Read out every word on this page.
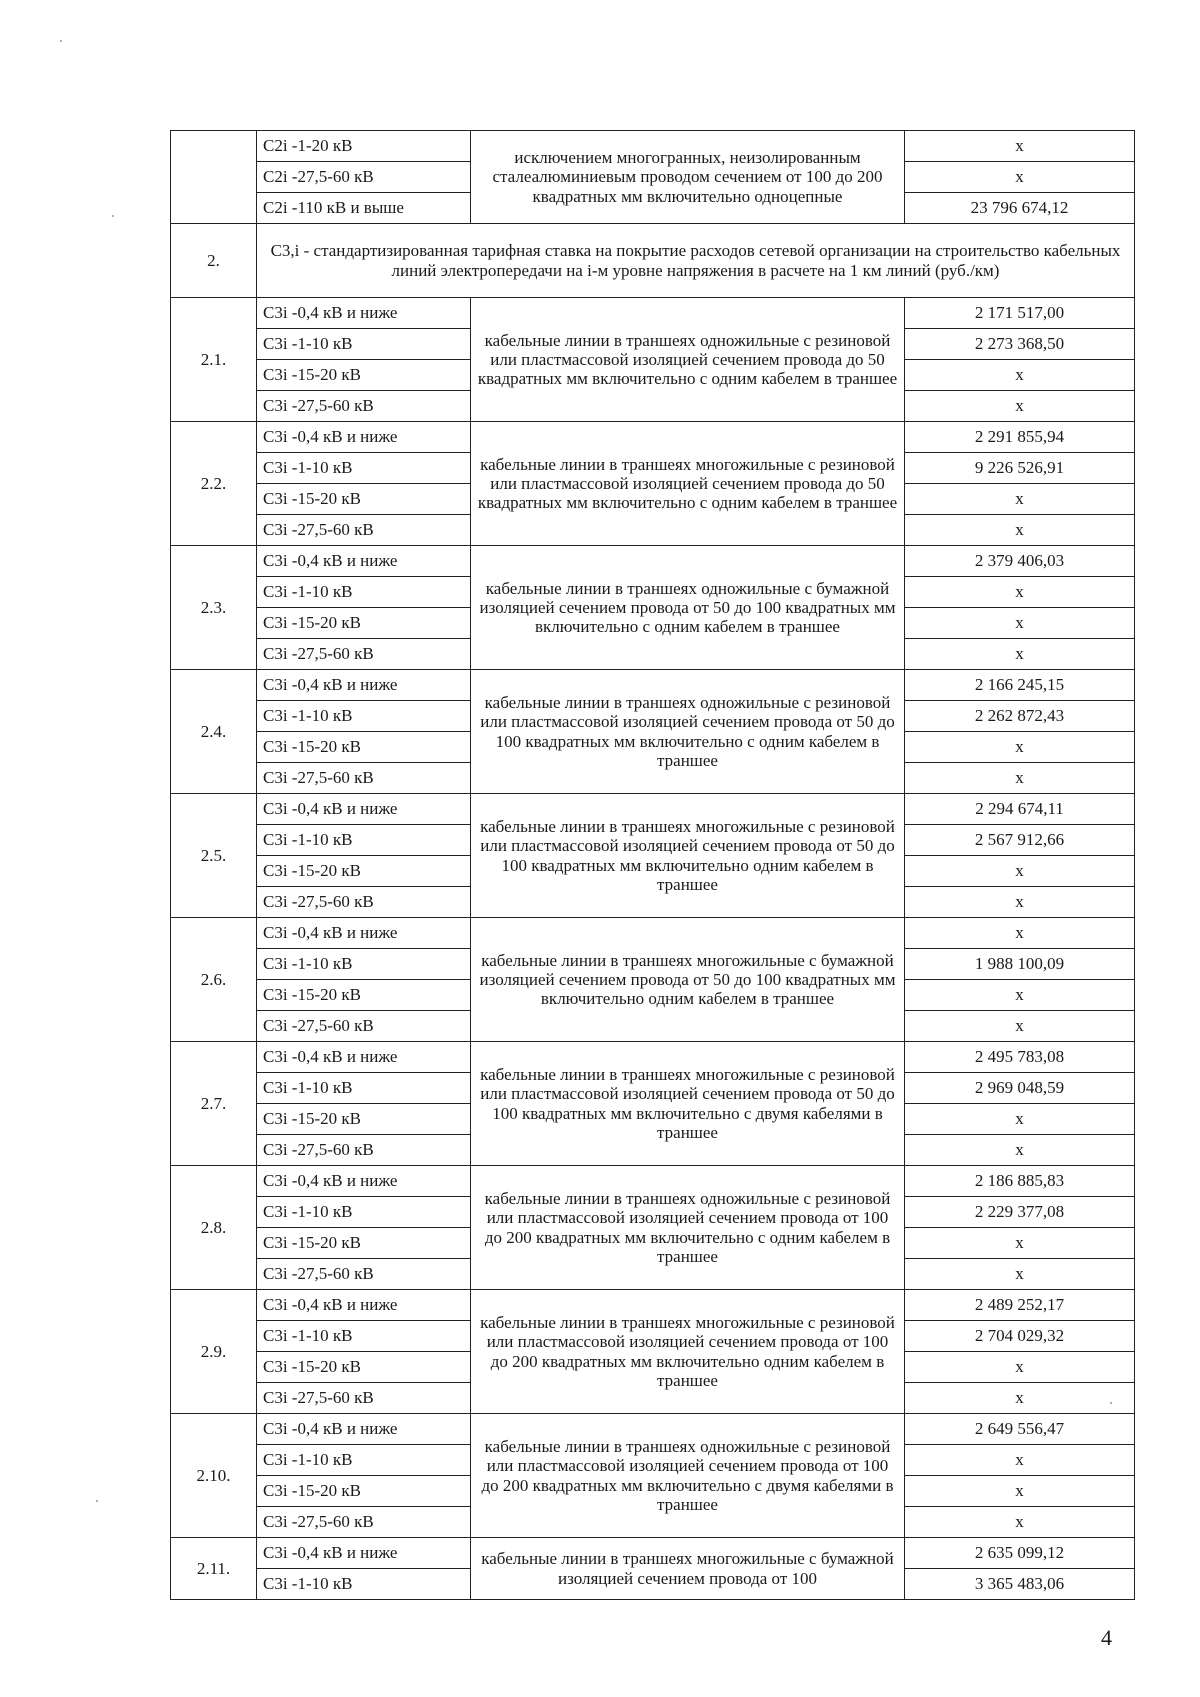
	C2i -1-20 кВ	исключением многогранных, неизолированным сталеалюминиевым проводом сечением от 100 до 200 квадратных мм включительно одноцепные	x
	C2i -27,5-60 кВ		x
	C2i -110 кВ и выше		23 796 674,12
2.	C3,i - стандартизированная тарифная ставка на покрытие расходов сетевой организации на строительство кабельных линий электропередачи на i-м уровне напряжения в расчете на 1 км линий (руб./км)		
2.1.	C3i -0,4 кВ и ниже	кабельные линии в траншеях одножильные с резиновой или пластмассовой изоляцией сечением провода до 50 квадратных мм включительно с одним кабелем в траншее	2 171 517,00
	C3i -1-10 кВ		2 273 368,50
	C3i -15-20 кВ		x
	C3i -27,5-60 кВ		x
2.2.	C3i -0,4 кВ и ниже	кабельные линии в траншеях многожильные с резиновой или пластмассовой изоляцией сечением провода до 50 квадратных мм включительно с одним кабелем в траншее	2 291 855,94
	C3i -1-10 кВ		9 226 526,91
	C3i -15-20 кВ		x
	C3i -27,5-60 кВ		x
2.3.	C3i -0,4 кВ и ниже	кабельные линии в траншеях одножильные с бумажной изоляцией сечением провода от 50 до 100 квадратных мм включительно с одним кабелем в траншее	2 379 406,03
	C3i -1-10 кВ		x
	C3i -15-20 кВ		x
	C3i -27,5-60 кВ		x
2.4.	C3i -0,4 кВ и ниже	кабельные линии в траншеях одножильные с резиновой или пластмассовой изоляцией сечением провода от 50 до 100 квадратных мм включительно с одним кабелем в траншее	2 166 245,15
	C3i -1-10 кВ		2 262 872,43
	C3i -15-20 кВ		x
	C3i -27,5-60 кВ		x
2.5.	C3i -0,4 кВ и ниже	кабельные линии в траншеях многожильные с резиновой или пластмассовой изоляцией сечением провода от 50 до 100 квадратных мм включительно одним кабелем в траншее	2 294 674,11
	C3i -1-10 кВ		2 567 912,66
	C3i -15-20 кВ		x
	C3i -27,5-60 кВ		x
2.6.	C3i -0,4 кВ и ниже	кабельные линии в траншеях многожильные с бумажной изоляцией сечением провода от 50 до 100 квадратных мм включительно одним кабелем в траншее	x
	C3i -1-10 кВ		1 988 100,09
	C3i -15-20 кВ		x
	C3i -27,5-60 кВ		x
2.7.	C3i -0,4 кВ и ниже	кабельные линии в траншеях многожильные с резиновой или пластмассовой изоляцией сечением провода от 50 до 100 квадратных мм включительно с двумя кабелями в траншее	2 495 783,08
	C3i -1-10 кВ		2 969 048,59
	C3i -15-20 кВ		x
	C3i -27,5-60 кВ		x
2.8.	C3i -0,4 кВ и ниже	кабельные линии в траншеях одножильные с резиновой или пластмассовой изоляцией сечением провода от 100 до 200 квадратных мм включительно с одним кабелем в траншее	2 186 885,83
	C3i -1-10 кВ		2 229 377,08
	C3i -15-20 кВ		x
	C3i -27,5-60 кВ		x
2.9.	C3i -0,4 кВ и ниже	кабельные линии в траншеях многожильные с резиновой или пластмассовой изоляцией сечением провода от 100 до 200 квадратных мм включительно одним кабелем в траншее	2 489 252,17
	C3i -1-10 кВ		2 704 029,32
	C3i -15-20 кВ		x
	C3i -27,5-60 кВ		x
2.10.	C3i -0,4 кВ и ниже	кабельные линии в траншеях одножильные с резиновой или пластмассовой изоляцией сечением провода от 100 до 200 квадратных мм включительно с двумя кабелями в траншее	2 649 556,47
	C3i -1-10 кВ		x
	C3i -15-20 кВ		x
	C3i -27,5-60 кВ		x
2.11.	C3i -0,4 кВ и ниже	кабельные линии в траншеях многожильные с бумажной изоляцией сечением провода от 100	2 635 099,12
	C3i -1-10 кВ		3 365 483,06
4
